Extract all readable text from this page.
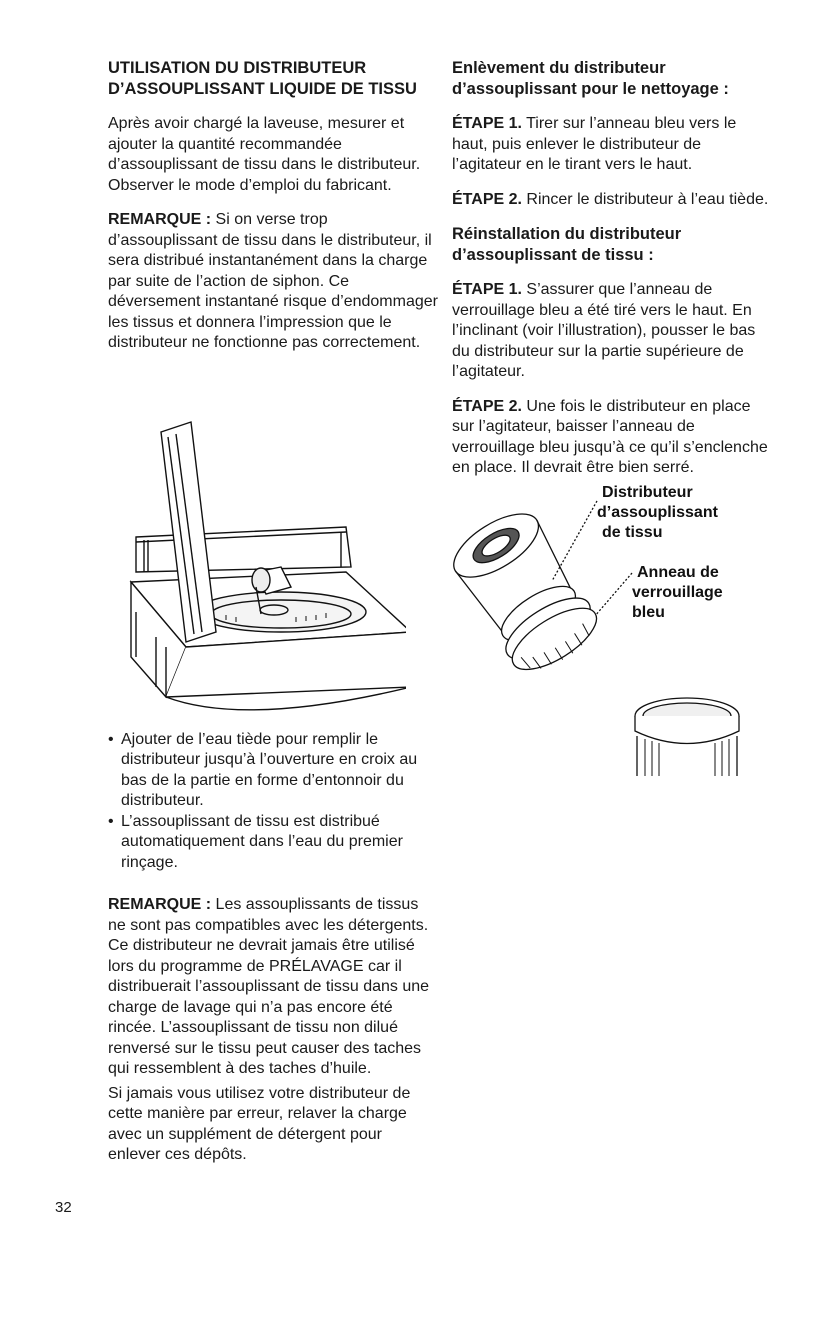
UTILISATION DU DISTRIBUTEUR D’ASSOUPLISSANT LIQUIDE DE TISSU

Après avoir chargé la laveuse, mesurer et ajouter la quantité recommandée d’assouplissant de tissu dans le distributeur. Observer le mode d’emploi du fabricant.

REMARQUE : Si on verse trop d’assouplissant de tissu dans le distributeur, il sera distribué instantanément dans la charge par suite de l’action de siphon. Ce déversement instantané risque d’endommager les tissus et donnera l’impression que le distributeur ne fonctionne pas correctement.

• Ajouter de l’eau tiède pour remplir le distributeur jusqu’à l’ouverture en croix au bas de la partie en forme d’entonnoir du distributeur.
• L’assouplissant de tissu est distribué automatiquement dans l’eau du premier rinçage.

REMARQUE : Les assouplissants de tissus ne sont pas compatibles avec les détergents. Ce distributeur ne devrait jamais être utilisé lors du programme de PRÉLAVAGE car il distribuerait l’assouplissant de tissu dans une charge de lavage qui n’a pas encore été rincée. L’assouplissant de tissu non dilué renversé sur le tissu peut causer des taches qui ressemblent à des taches d’huile.

Si jamais vous utilisez votre distributeur de cette manière par erreur, relaver la charge avec un supplément de détergent pour enlever ces dépôts.

Enlèvement du distributeur d’assouplissant pour le nettoyage :

ÉTAPE 1. Tirer sur l’anneau bleu vers le haut, puis enlever le distributeur de l’agitateur en le tirant vers le haut.

ÉTAPE 2. Rincer le distributeur à l’eau tiède.

Réinstallation du distributeur d’assouplissant de tissu :

ÉTAPE 1. S’assurer que l’anneau de verrouillage bleu a été tiré vers le haut. En l’inclinant (voir l’illustration), pousser le bas du distributeur sur la partie supérieure de l’agitateur.

ÉTAPE 2. Une fois le distributeur en place sur l’agitateur, baisser l’anneau de verrouillage bleu jusqu’à ce qu’il s’enclenche en place. Il devrait être bien serré.

Distributeur
d’assouplissant
de tissu
Anneau de
verrouillage
bleu
32
